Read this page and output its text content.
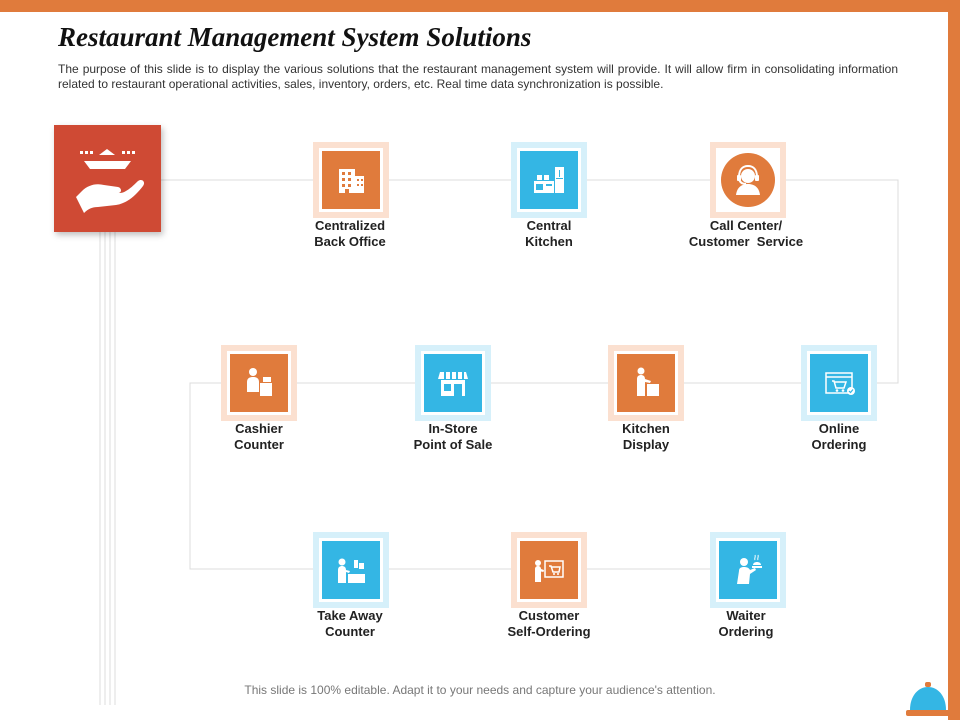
Restaurant Management System Solutions

The purpose of this slide is to display the various solutions that the restaurant management system will provide. It will allow firm in consolidating information related to restaurant operational activities, sales, inventory, orders, etc. Real time data synchronization is possible.

Centralized
Back Office
Central
Kitchen
Call Center/
Customer  Service
Cashier
Counter
In-Store
Point of Sale
Kitchen
Display
Online
Ordering
Take Away
Counter
Customer
Self-Ordering
Waiter
Ordering
This slide is 100% editable. Adapt it to your needs and capture your audience's attention.
